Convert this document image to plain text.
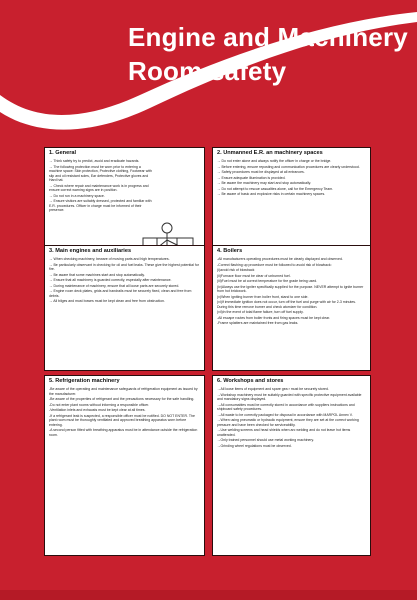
Engine and Machinery
Room safety
1. General

→ Think safety try to predict, avoid and eradicate hazards.

→ The following protection must be worn prior to entering a machine space: Skin protection, Protective clothing, Footwear with slip and oil resistant soles, Ear defenders, Protective gloves and Hard hat.

→ Check where repair and maintenance work is in progress and ensure correct warning signs are in position.

→ Do not run in a machinery space.

→ Ensure visitors are suitably dressed, protected and familiar with E.R. procedures. Officer in charge must be informed of their presence.

2. Unmanned E.R. an machinery spaces

→ Do not enter alone and always notify the officer in charge or the bridge.

→ Before entering, ensure reposting and communication procedures are clearly understood.

→ Safety procedures must be displayed at all entrances.

→ Ensure adequate illumination is provided.

→ Be aware the machinery may start and stop automatically.

→ Do not attempt to rescue casualties alone, call for the Emergency Team.

→ Be aware of basic and explosive risks in certain machinery spaces.

3. Main engines and auxiliaries

→ When checking machinery, beware of moving parts and high temperatures.

→ Be particularly observant in checking for oil and fuel leaks. These give the highest potential for fire.

→ Be aware that some machines start and stop automatically.

→ Ensure that all machinery is guarded correctly, especially after maintenance.

→ During maintenance of machinery, ensure that all loose parts are securely stored.

→ Engine room deck plates, grids and handrails must be securely fixed, clean and free from debris.

→ All bilges and must bowes must be kept clean and free from obstruction.

4. Boilers

-All manufacturers operating procedures must be clearly displayed and observed.

-Correct flashing up procedure must be followed to avoid risk of blowback:

(i)avoid risk of blowback

(ii)Furnace floor must be clear of unburned fuel.

(iii)Fuel must be at correct temperature for the grade being used.

(iv)Always use the igniter specifically supplied for the purpose. NEVER attempt to ignite burner from hot brickwork.

(v)When igniting burner from boiler front, stand to one side.

(vi)If immediate ignition does not occur, turn off the fuel and purge with air for 2-3 minutes. During this time remove burner and check atomizer for condition.

(vii)In the event of total flame failure, turn off fuel supply.

-All escape routes from boiler fronts and firing spaces must be kept clear.

-Frame splatters are maintained free from gas leaks.

5. Refrigeration machinery

-Be aware of the operating and maintenance safeguards of refrigeration equipment as issued by the manufacturer.

-Be aware of the properties of refrigerant and the precautions necessary for the safe handling.

-Do not enter plant rooms without informing a responsible officer.

-Ventilation inlets and exhausts must be kept clear at all times.

-If a refrigerant leak is suspected, a responsible officer must be notified. DO NOT ENTER. The plant room must be thoroughly ventilated and approved breathing apparatus worn before entering.

-A second person fitted with breathing apparatus must be in attendance outside the refrigeration room.

6. Workshops and stores

→All loose items of equipment and spare gea r must be securely stored.

→Workshop machinery must be suitably guarded with specific protective equipment available and mandatory signs displayed.

→All consumables must be correctly stored in accordance with suppliers instructions and shipboard safety procedures.

→All waste to be correctly packaged for disposal in accordance with MARPOL Annex V.

→When using pneumatic or hydraulic equipment, ensure they are set at the correct working pressure and have been checked for serviceability.

→Use welding screens and head shields when arc welding and do not leave hot items unattended.

→Only trained personnel should use metal working machinery.

→Grinding wheel regulations must be observed.
